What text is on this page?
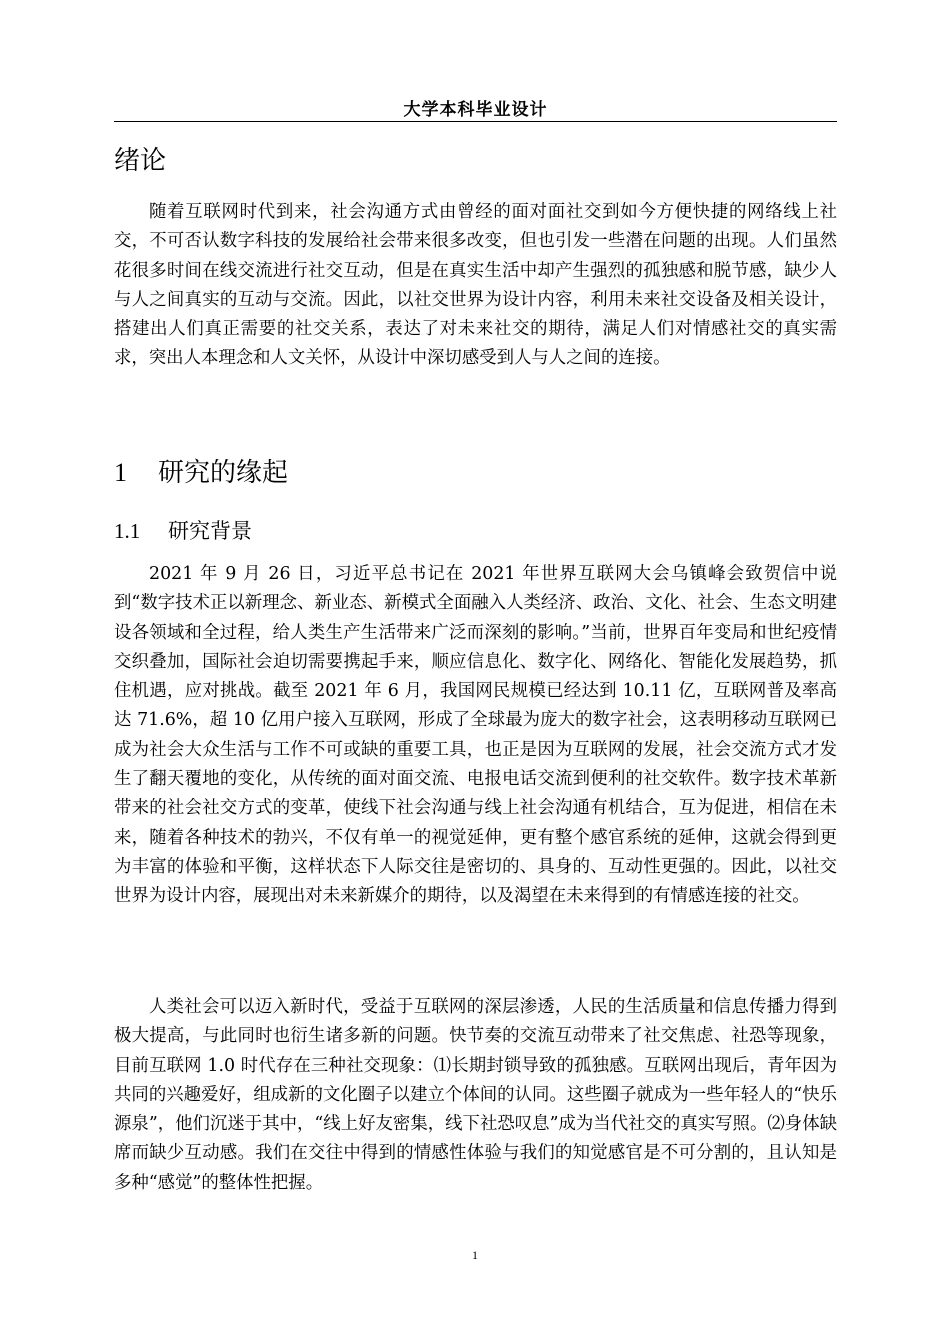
大学本科毕业设计
绪论

随着互联网时代到来，社会沟通方式由曾经的面对面社交到如今方便快捷的网络线上社交，不可否认数字科技的发展给社会带来很多改变，但也引发一些潜在问题的出现。人们虽然花很多时间在线交流进行社交互动，但是在真实生活中却产生强烈的孤独感和脱节感，缺少人与人之间真实的互动与交流。因此，以社交世界为设计内容，利用未来社交设备及相关设计，搭建出人们真正需要的社交关系，表达了对未来社交的期待，满足人们对情感社交的真实需求，突出人本理念和人文关怀，从设计中深切感受到人与人之间的连接。

1 研究的缘起
1.1 研究背景

2021 年 9 月 26 日，习近平总书记在 2021 年世界互联网大会乌镇峰会致贺信中说到“数字技术正以新理念、新业态、新模式全面融入人类经济、政治、文化、社会、生态文明建设各领域和全过程，给人类生产生活带来广泛而深刻的影响。”当前，世界百年变局和世纪疫情交织叠加，国际社会迫切需要携起手来，顺应信息化、数字化、网络化、智能化发展趋势，抓住机遇，应对挑战。截至 2021 年 6 月，我国网民规模已经达到 10.11 亿，互联网普及率高达 71.6%，超 10 亿用户接入互联网，形成了全球最为庞大的数字社会，这表明移动互联网已成为社会大众生活与工作不可或缺的重要工具，也正是因为互联网的发展，社会交流方式才发生了翻天覆地的变化，从传统的面对面交流、电报电话交流到便利的社交软件。数字技术革新带来的社会社交方式的变革，使线下社会沟通与线上社会沟通有机结合，互为促进，相信在未来，随着各种技术的勃兴，不仅有单一的视觉延伸，更有整个感官系统的延伸，这就会得到更为丰富的体验和平衡，这样状态下人际交往是密切的、具身的、互动性更强的。因此，以社交世界为设计内容，展现出对未来新媒介的期待，以及渴望在未来得到的有情感连接的社交。

人类社会可以迈入新时代，受益于互联网的深层渗透，人民的生活质量和信息传播力得到极大提高，与此同时也衍生诸多新的问题。快节奏的交流互动带来了社交焦虑、社恐等现象，目前互联网 1.0 时代存在三种社交现象：⑴长期封锁导致的孤独感。互联网出现后，青年因为共同的兴趣爱好，组成新的文化圈子以建立个体间的认同。这些圈子就成为一些年轻人的“快乐源泉”，他们沉迷于其中，“线上好友密集，线下社恐叹息”成为当代社交的真实写照。⑵身体缺席而缺少互动感。我们在交往中得到的情感性体验与我们的知觉感官是不可分割的，且认知是多种“感觉”的整体性把握。

1
